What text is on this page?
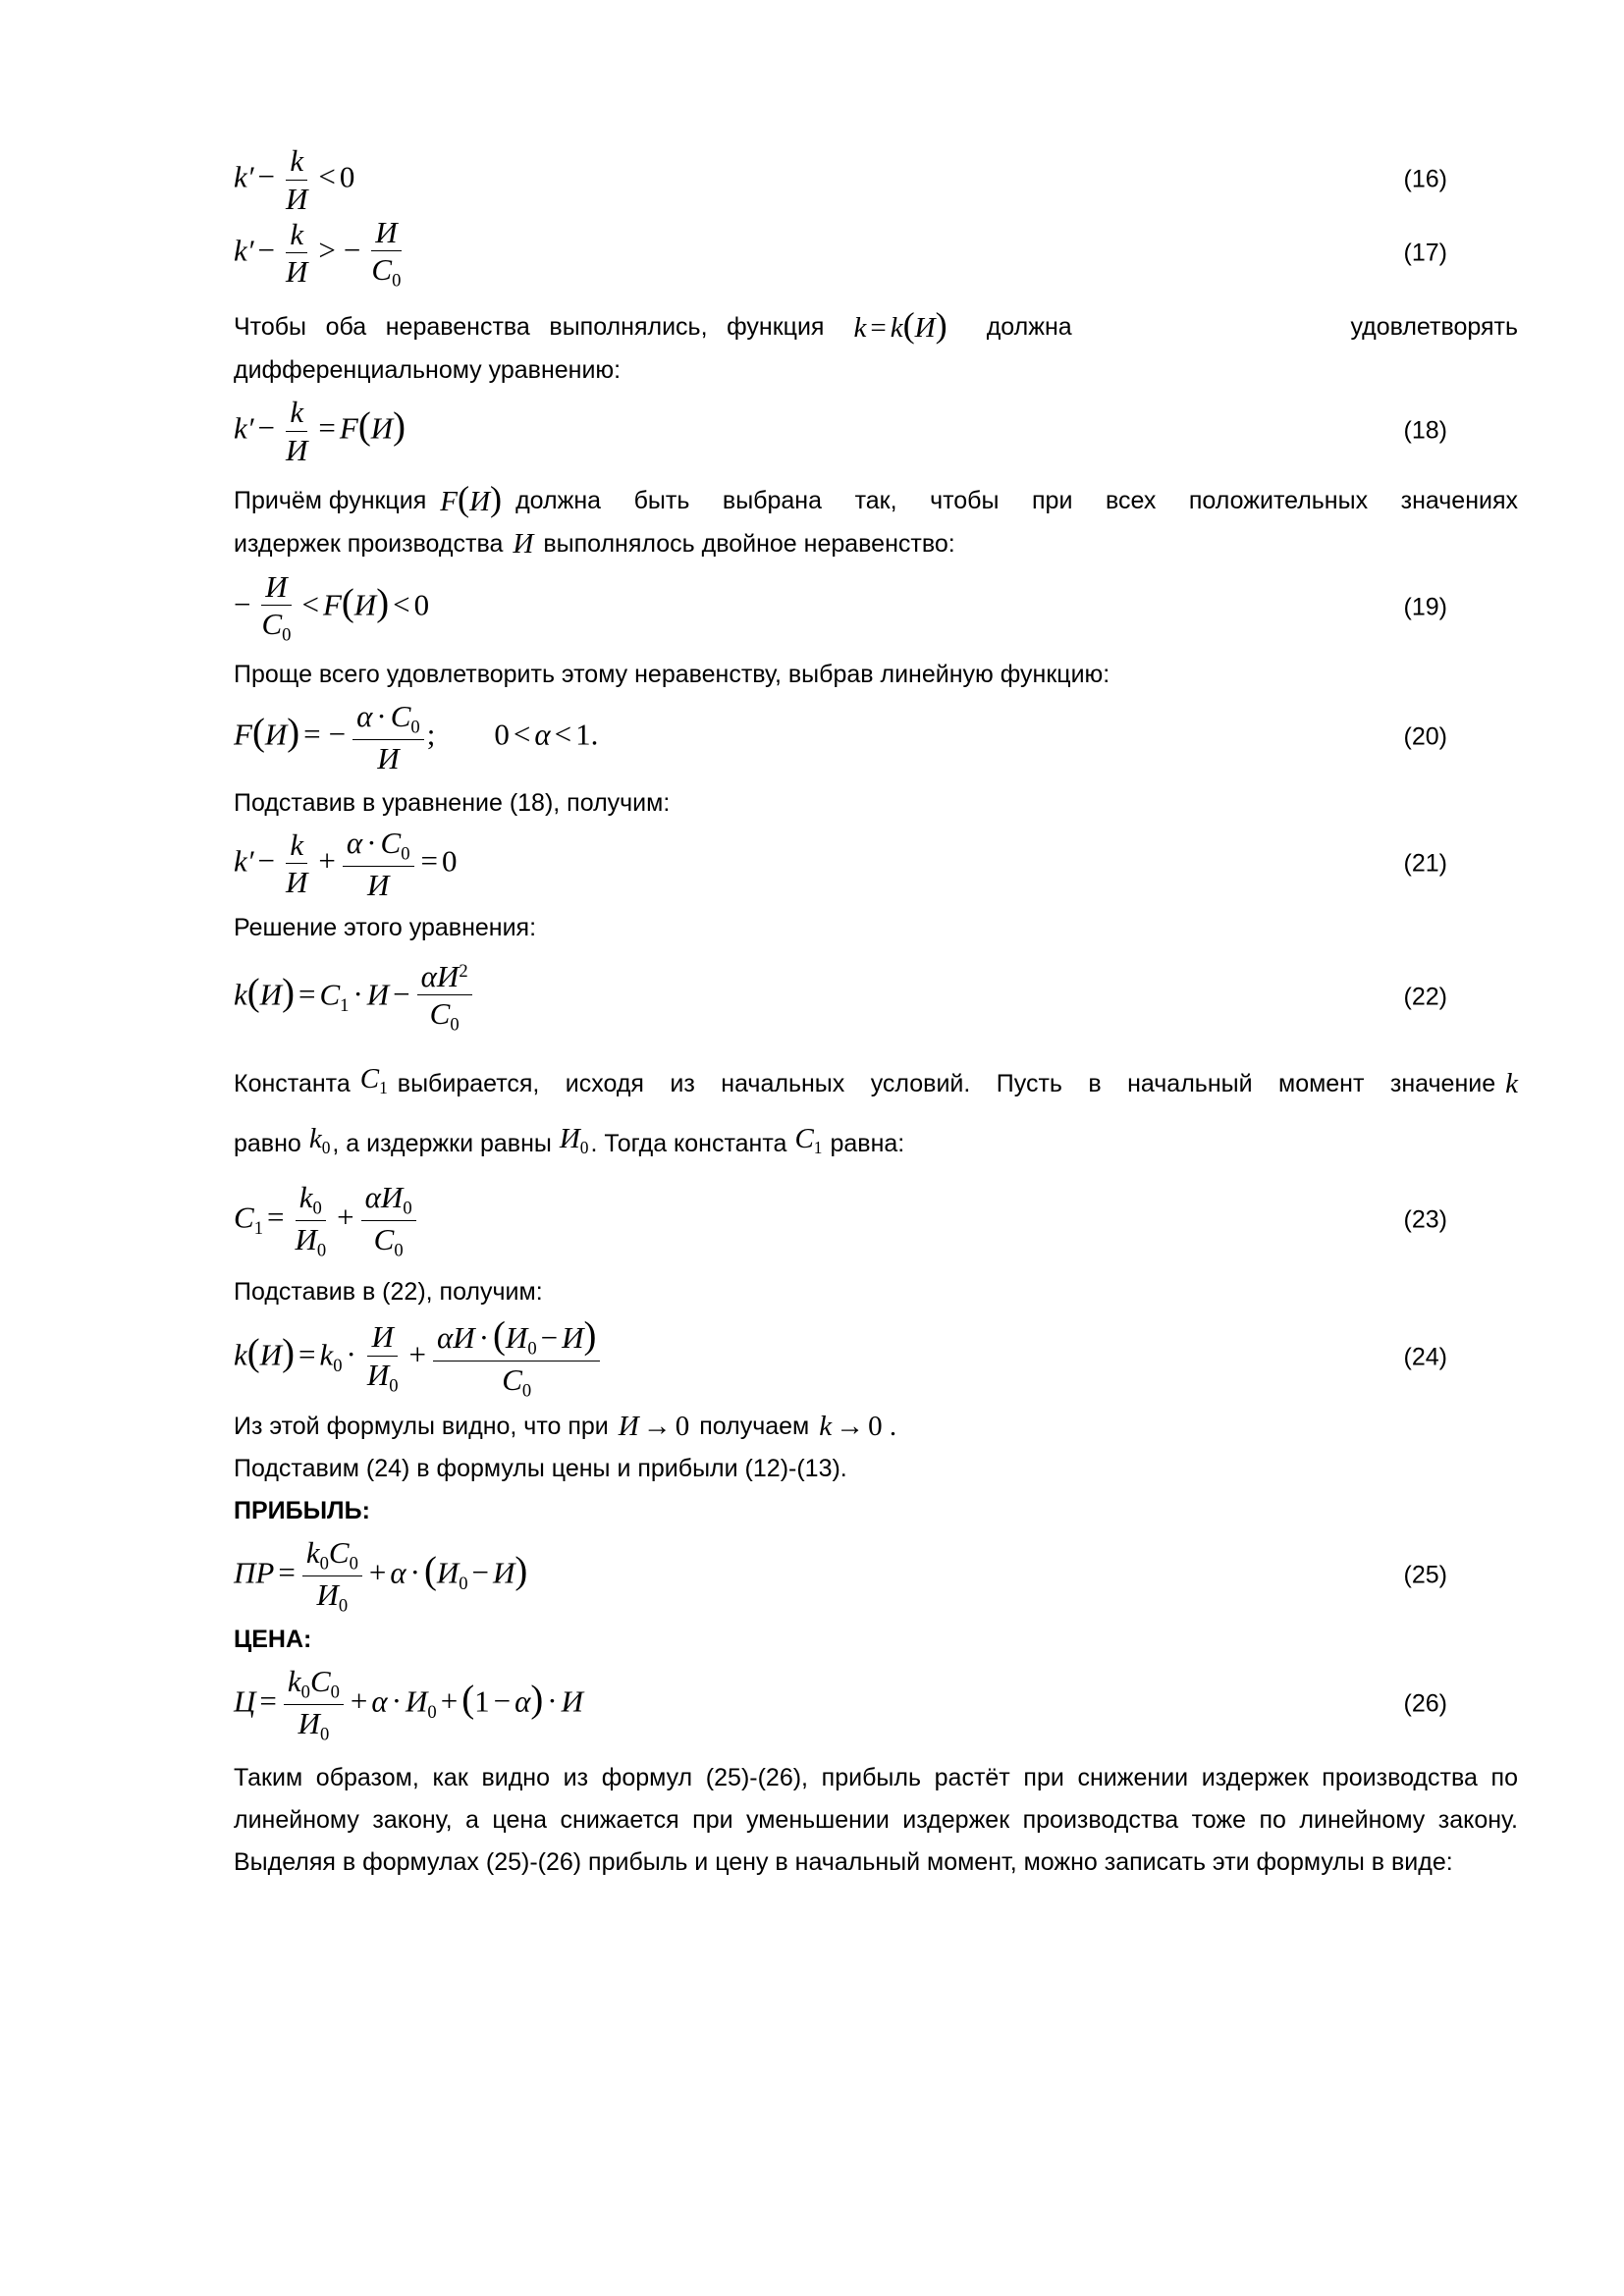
$k' - \frac{k}{И} < 0$	(16)
$k' - \frac{k}{И}$ > − $\frac{И}{C_0}$	(17)
Чтобы оба неравенства выполнялись, функция k = k(И) должна удовлетворять
дифференциальному уравнению:
$k' - \frac{k}{И} = F(И)$	(18)
Причём функция F(И) должна быть выбрана так, чтобы при всех положительных значениях
издержек производства И выполнялось двойное неравенство:
− $\frac{И}{C_0} < F(И) < 0$	(19)
Проще всего удовлетворить этому неравенству, выбрав линейную функцию:
F(И) = − $\frac{\alpha \cdot C_0}{И}$ ; 0 < α < 1.	(20)
Подставив в уравнение (18), получим:
$k' - \frac{k}{И} + \frac{\alpha \cdot C_0}{И} = 0$	(21)
Решение этого уравнения:
$k(И) = C_1 \cdot И - \frac{\alpha И^2}{C_0}$	(22)
Константа $C_1$ выбирается, исходя из начальных условий. Пусть в начальный момент значение k
равно $k_0$ , а издержки равны $И_0$ . Тогда константа $C_1$ равна:
$C_1 = \frac{k_0}{И_0} + \frac{\alpha И_0}{C_0}$	(23)
Подставив в (22), получим:
$k(И) = k_0 \cdot \frac{И}{И_0} + \frac{\alpha И \cdot (И_0 - И)}{C_0}$	(24)
Из этой формулы видно, что при И → 0 получаем k → 0 .
Подставим (24) в формулы цены и прибыли (12)-(13).
ПРИБЫЛЬ:
ПР = $\frac{k_0C_0}{И_0} + \alpha \cdot (И_0 - И)$	(25)
ЦЕНА:
$Ц = \frac{k_0C_0}{И_0} + \alpha \cdot И_0 + (1 - \alpha) \cdot И$	(26)
Таким образом, как видно из формул (25)-(26), прибыль растёт при снижении издержек производства по линейному закону, а цена снижается при уменьшении издержек производства тоже по линейному закону. Выделяя в формулах (25)-(26) прибыль и цену в начальный момент, можно записать эти формулы в виде:
